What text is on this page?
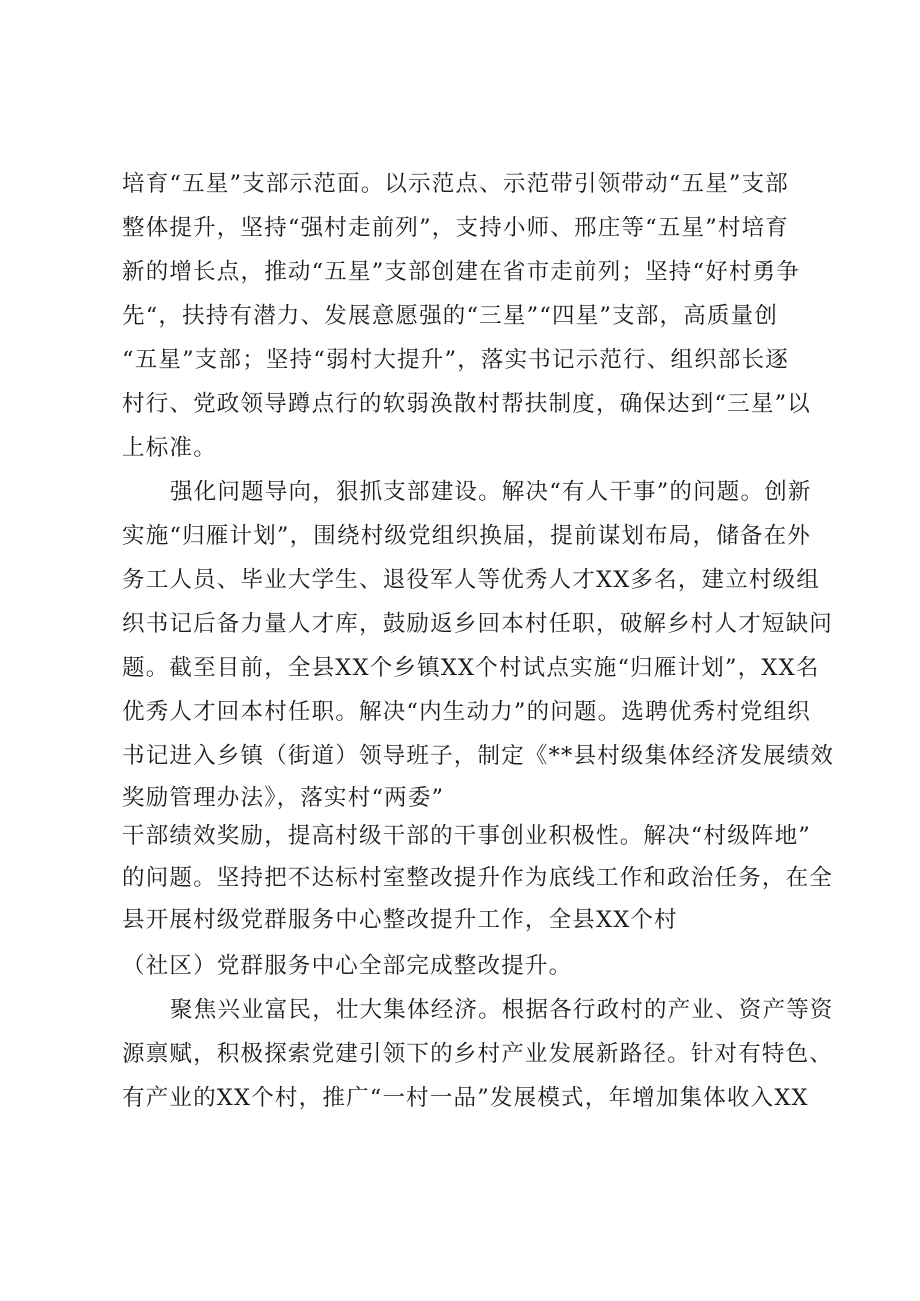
培育“五星”支部示范面。以示范点、示范带引领带动“五星”支部

整体提升，坚持“强村走前列”，支持小师、邢庄等“五星”村培育

新的增长点，推动“五星”支部创建在省市走前列；坚持“好村勇争

先“，扶持有潜力、发展意愿强的“三星”“四星”支部，高质量创

“五星”支部；坚持“弱村大提升”，落实书记示范行、组织部长逐

村行、党政领导蹲点行的软弱涣散村帮扶制度，确保达到“三星”以

上标准。

强化问题导向，狠抓支部建设。解决“有人干事”的问题。创新

实施“归雁计划”，围绕村级党组织换届，提前谋划布局，储备在外

务工人员、毕业大学生、退役军人等优秀人才XX多名，建立村级组

织书记后备力量人才库，鼓励返乡回本村任职，破解乡村人才短缺问

题。截至目前，全县XX个乡镇XX个村试点实施“归雁计划”，XX名

优秀人才回本村任职。解决“内生动力”的问题。选聘优秀村党组织

书记进入乡镇（街道）领导班子，制定《**县村级集体经济发展绩效

奖励管理办法》，落实村“两委”

干部绩效奖励，提高村级干部的干事创业积极性。解决“村级阵地”

的问题。坚持把不达标村室整改提升作为底线工作和政治任务，在全

县开展村级党群服务中心整改提升工作，全县XX个村

（社区）党群服务中心全部完成整改提升。

聚焦兴业富民，壮大集体经济。根据各行政村的产业、资产等资

源禀赋，积极探索党建引领下的乡村产业发展新路径。针对有特色、

有产业的XX个村，推广“一村一品”发展模式，年增加集体收入XX
